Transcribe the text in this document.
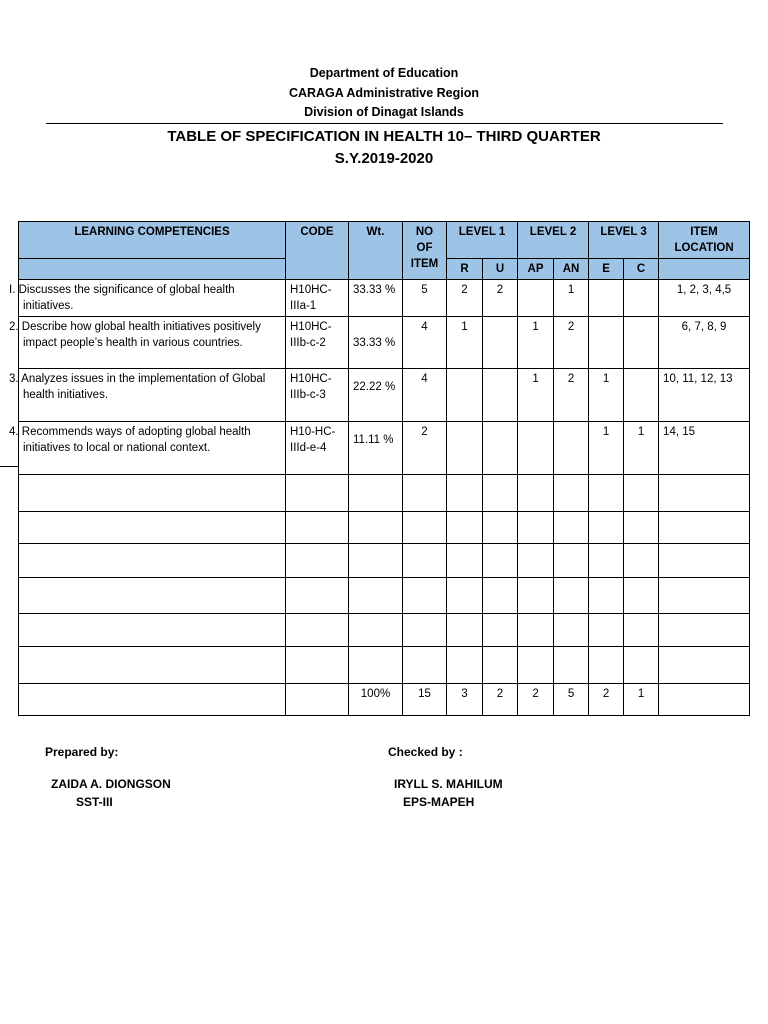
Department of Education
CARAGA Administrative Region
Division of Dinagat Islands
TABLE OF SPECIFICATION IN HEALTH 10– THIRD QUARTER
S.Y.2019-2020
LEARNING COMPETENCIES	CODE	Wt.	NO OF ITEM	LEVEL 1		LEVEL 2		LEVEL 3		ITEM LOCATION
				R	U	AP	AN	E	C	
I. Discusses the significance of global health initiatives.	H10HC-IIIa-1	33.33 %	5	2	2		1			1, 2, 3, 4,5
2. Describe how global health initiatives positively impact people’s health in various countries.	H10HC-IIIb-c-2	33.33 %	4	1		1	2			6, 7, 8, 9
3. Analyzes issues in the implementation of Global health initiatives.	H10HC-IIIb-c-3	22.22 %	4			1	2	1		10, 11, 12, 13
4. Recommends ways of adopting global health initiatives to local or national context.	H10-HC-IIId-e-4	11.11 %	2					1	1	14, 15

		100%	15	3	2	2	5	2	1	
Prepared by:
ZAIDA A. DIONGSON
SST-III
Checked by :
IRYLL S. MAHILUM
EPS-MAPEH
